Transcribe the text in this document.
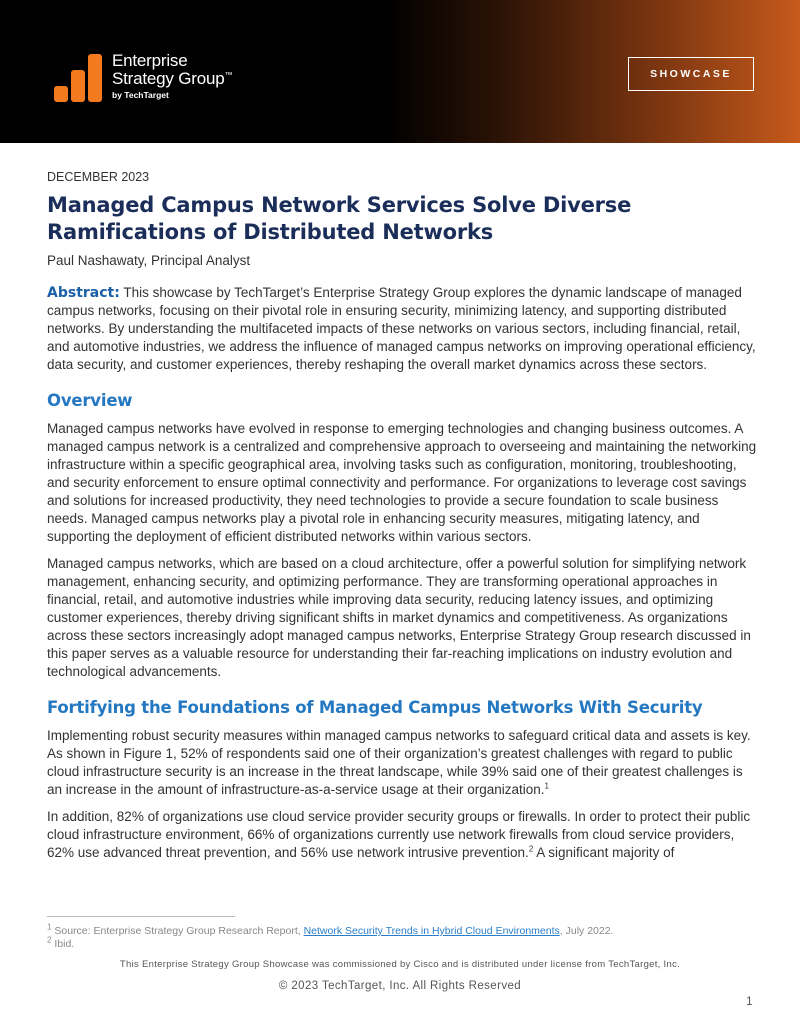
Enterprise
Strategy Group™
by TechTarget
SHOWCASE

DECEMBER 2023

Managed Campus Network Services Solve Diverse Ramifications of Distributed Networks

Paul Nashawaty, Principal Analyst

Abstract: This showcase by TechTarget’s Enterprise Strategy Group explores the dynamic landscape of managed campus networks, focusing on their pivotal role in ensuring security, minimizing latency, and supporting distributed networks. By understanding the multifaceted impacts of these networks on various sectors, including financial, retail, and automotive industries, we address the influence of managed campus networks on improving operational efficiency, data security, and customer experiences, thereby reshaping the overall market dynamics across these sectors.

Overview

Managed campus networks have evolved in response to emerging technologies and changing business outcomes. A managed campus network is a centralized and comprehensive approach to overseeing and maintaining the networking infrastructure within a specific geographical area, involving tasks such as configuration, monitoring, troubleshooting, and security enforcement to ensure optimal connectivity and performance. For organizations to leverage cost savings and solutions for increased productivity, they need technologies to provide a secure foundation to scale business needs. Managed campus networks play a pivotal role in enhancing security measures, mitigating latency, and supporting the deployment of efficient distributed networks within various sectors.

Managed campus networks, which are based on a cloud architecture, offer a powerful solution for simplifying network management, enhancing security, and optimizing performance. They are transforming operational approaches in financial, retail, and automotive industries while improving data security, reducing latency issues, and optimizing customer experiences, thereby driving significant shifts in market dynamics and competitiveness. As organizations across these sectors increasingly adopt managed campus networks, Enterprise Strategy Group research discussed in this paper serves as a valuable resource for understanding their far-reaching implications on industry evolution and technological advancements.

Fortifying the Foundations of Managed Campus Networks With Security

Implementing robust security measures within managed campus networks to safeguard critical data and assets is key. As shown in Figure 1, 52% of respondents said one of their organization’s greatest challenges with regard to public cloud infrastructure security is an increase in the threat landscape, while 39% said one of their greatest challenges is an increase in the amount of infrastructure-as-a-service usage at their organization.$^1$

In addition, 82% of organizations use cloud service provider security groups or firewalls. In order to protect their public cloud infrastructure environment, 66% of organizations currently use network firewalls from cloud service providers, 62% use advanced threat prevention, and 56% use network intrusive prevention.$^2$ A significant majority of

$^1$ Source: Enterprise Strategy Group Research Report, Network Security Trends in Hybrid Cloud Environments, July 2022.
$^2$ Ibid.
This Enterprise Strategy Group Showcase was commissioned by Cisco and is distributed under license from TechTarget, Inc.
© 2023 TechTarget, Inc. All Rights Reserved
1
